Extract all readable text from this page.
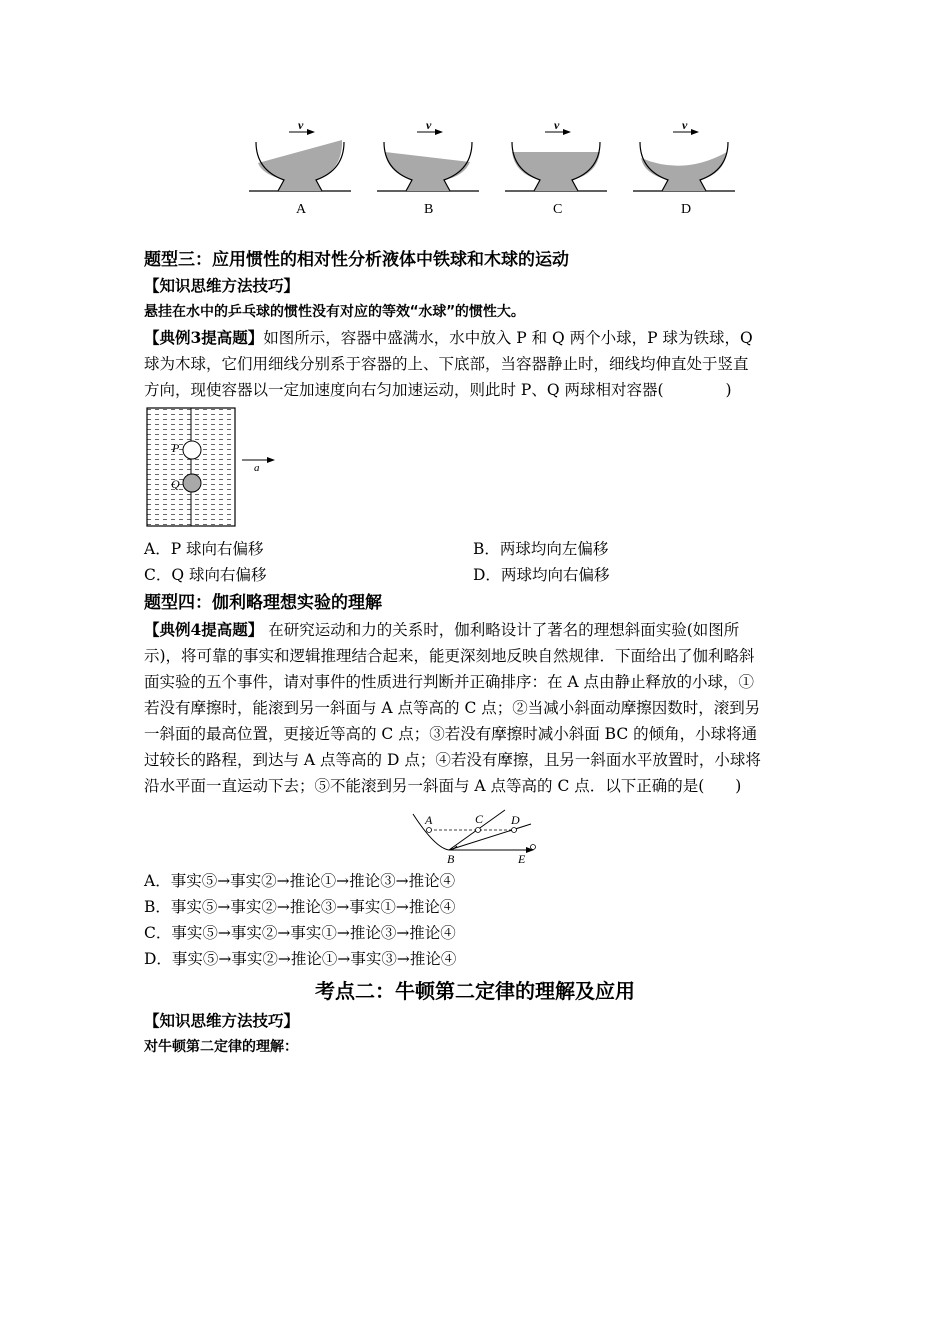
v
A
v
B
v
C
v
D
题型三：应用惯性的相对性分析液体中铁球和木球的运动
【知识思维方法技巧】
悬挂在水中的乒乓球的惯性没有对应的等效“水球”的惯性大。
【典例3提高题】如图所示，容器中盛满水，水中放入 P 和 Q 两个小球，P 球为铁球，Q
球为木球，它们用细线分别系于容器的上、下底部，当容器静止时，细线均伸直处于竖直
方向，现使容器以一定加速度向右匀加速运动，则此时 P、Q 两球相对容器(　　　　)
P
Q
a
A．P 球向右偏移	B．两球均向左偏移
C．Q 球向右偏移	D．两球均向右偏移
题型四：伽利略理想实验的理解
【典例4提高题】 在研究运动和力的关系时，伽利略设计了著名的理想斜面实验(如图所
示)，将可靠的事实和逻辑推理结合起来，能更深刻地反映自然规律．下面给出了伽利略斜
面实验的五个事件，请对事件的性质进行判断并正确排序：在 A 点由静止释放的小球，①
若没有摩擦时，能滚到另一斜面与 A 点等高的 C 点；②当减小斜面动摩擦因数时，滚到另
一斜面的最高位置，更接近等高的 C 点；③若没有摩擦时减小斜面 BC 的倾角，小球将通
过较长的路程，到达与 A 点等高的 D 点；④若没有摩擦，且另一斜面水平放置时，小球将
沿水平面一直运动下去；⑤不能滚到另一斜面与 A 点等高的 C 点．以下正确的是(　　)
A	C D
B	E
A．事实⑤→事实②→推论①→推论③→推论④
B．事实⑤→事实②→推论③→事实①→推论④
C．事实⑤→事实②→事实①→推论③→推论④
D．事实⑤→事实②→推论①→事实③→推论④
考点二：牛顿第二定律的理解及应用
【知识思维方法技巧】
对牛顿第二定律的理解：
